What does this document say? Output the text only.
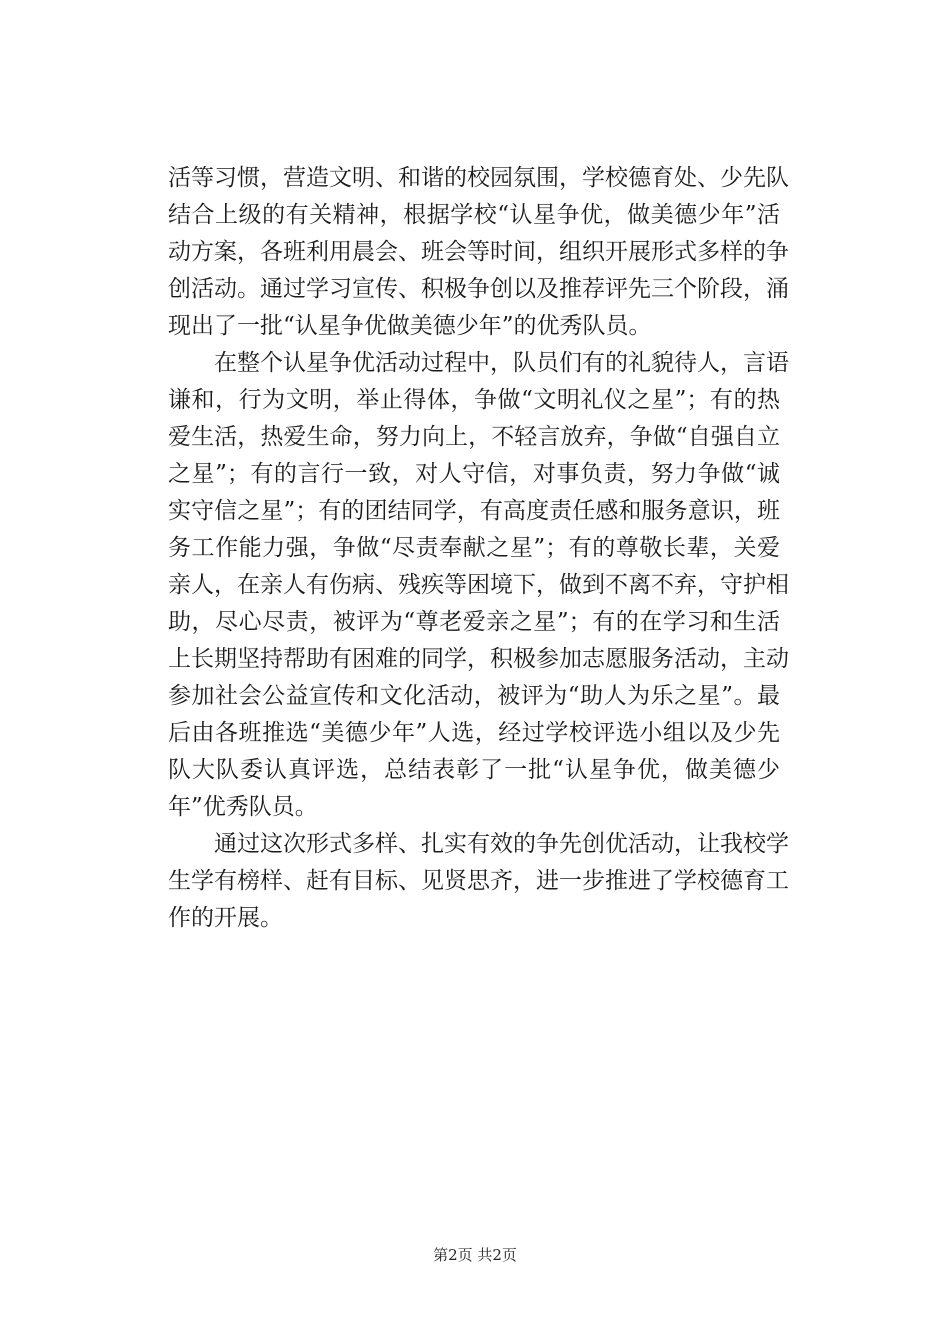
活等习惯，营造文明、和谐的校园氛围，学校德育处、少先队
结合上级的有关精神，根据学校“认星争优，做美德少年”活
动方案，各班利用晨会、班会等时间，组织开展形式多样的争
创活动。通过学习宣传、积极争创以及推荐评先三个阶段，涌
现出了一批“认星争优做美德少年”的优秀队员。
　　在整个认星争优活动过程中，队员们有的礼貌待人，言语
谦和，行为文明，举止得体，争做“文明礼仪之星”；有的热
爱生活，热爱生命，努力向上，不轻言放弃，争做“自强自立
之星”；有的言行一致，对人守信，对事负责，努力争做“诚
实守信之星”；有的团结同学，有高度责任感和服务意识，班
务工作能力强，争做“尽责奉献之星”；有的尊敬长辈，关爱
亲人，在亲人有伤病、残疾等困境下，做到不离不弃，守护相
助，尽心尽责，被评为“尊老爱亲之星”；有的在学习和生活
上长期坚持帮助有困难的同学，积极参加志愿服务活动，主动
参加社会公益宣传和文化活动，被评为“助人为乐之星”。最
后由各班推选“美德少年”人选，经过学校评选小组以及少先
队大队委认真评选，总结表彰了一批“认星争优，做美德少
年”优秀队员。
　　通过这次形式多样、扎实有效的争先创优活动，让我校学
生学有榜样、赶有目标、见贤思齐，进一步推进了学校德育工
作的开展。
第2页 共2页
